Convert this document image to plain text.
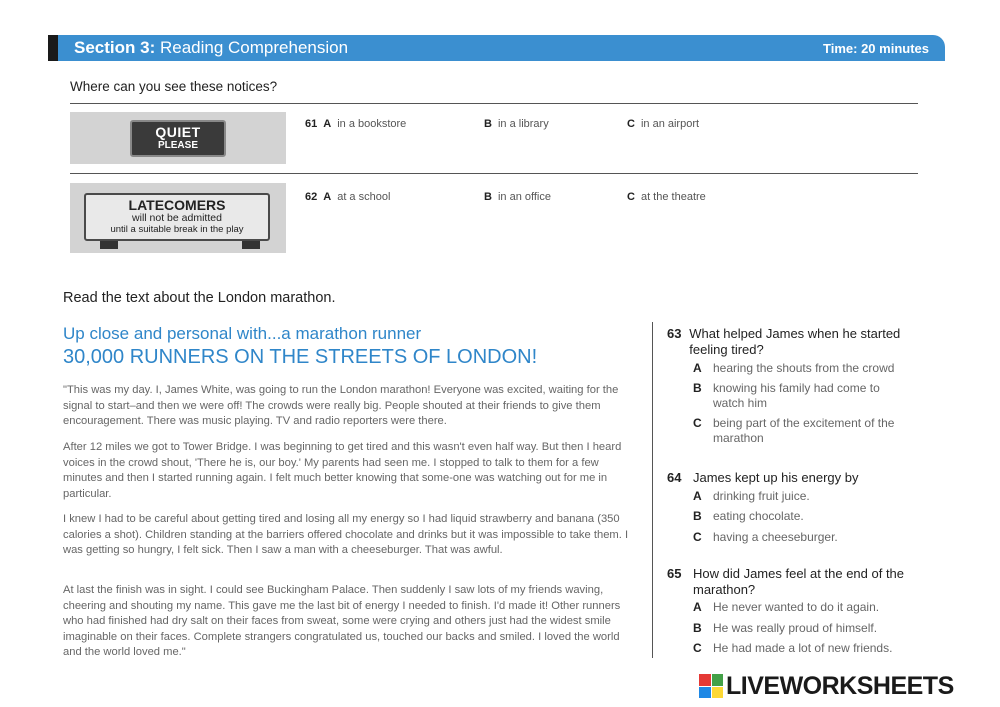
Section 3: Reading Comprehension	Time: 20 minutes
Where can you see these notices?
QUIET
PLEASE
61 A in a bookstore	B in a library	C in an airport
LATECOMERS
will not be admitted
until a suitable break in the play
62 A at a school	B in an office	C at the theatre
Read the text about the London marathon.
Up close and personal with...a marathon runner
30,000 RUNNERS ON THE STREETS OF LONDON!
"This was my day. I, James White, was going to run the London marathon! Everyone was excited, waiting for the signal to start–and then we were off! The crowds were really big. People shouted at their friends to give them encouragement. There was music playing. TV and radio reporters were there.
After 12 miles we got to Tower Bridge. I was beginning to get tired and this wasn't even half way. But then I heard voices in the crowd shout, 'There he is, our boy.' My parents had seen me. I stopped to talk to them for a few minutes and then I started running again. I felt much better knowing that some-one was watching out for me in particular.
I knew I had to be careful about getting tired and losing all my energy so I had liquid strawberry and banana (350 calories a shot). Children standing at the barriers offered chocolate and drinks but it was impossible to take them. I was getting so hungry, I felt sick. Then I saw a man with a cheeseburger. That was awful.
At last the finish was in sight. I could see Buckingham Palace. Then suddenly I saw lots of my friends waving, cheering and shouting my name. This gave me the last bit of energy I needed to finish. I'd made it! Other runners who had finished had dry salt on their faces from sweat, some were crying and others just had the widest smile imaginable on their faces. Complete strangers congratulated us, touched our backs and smiled. I loved the world and the world loved me."
63 What helped James when he started feeling tired?
A hearing the shouts from the crowd
B knowing his family had come to watch him
C being part of the excitement of the marathon
64 James kept up his energy by
A drinking fruit juice.
B eating chocolate.
C having a cheeseburger.
65 How did James feel at the end of the marathon?
A He never wanted to do it again.
B He was really proud of himself.
C He had made a lot of new friends.
LIVEWORKSHEETS
